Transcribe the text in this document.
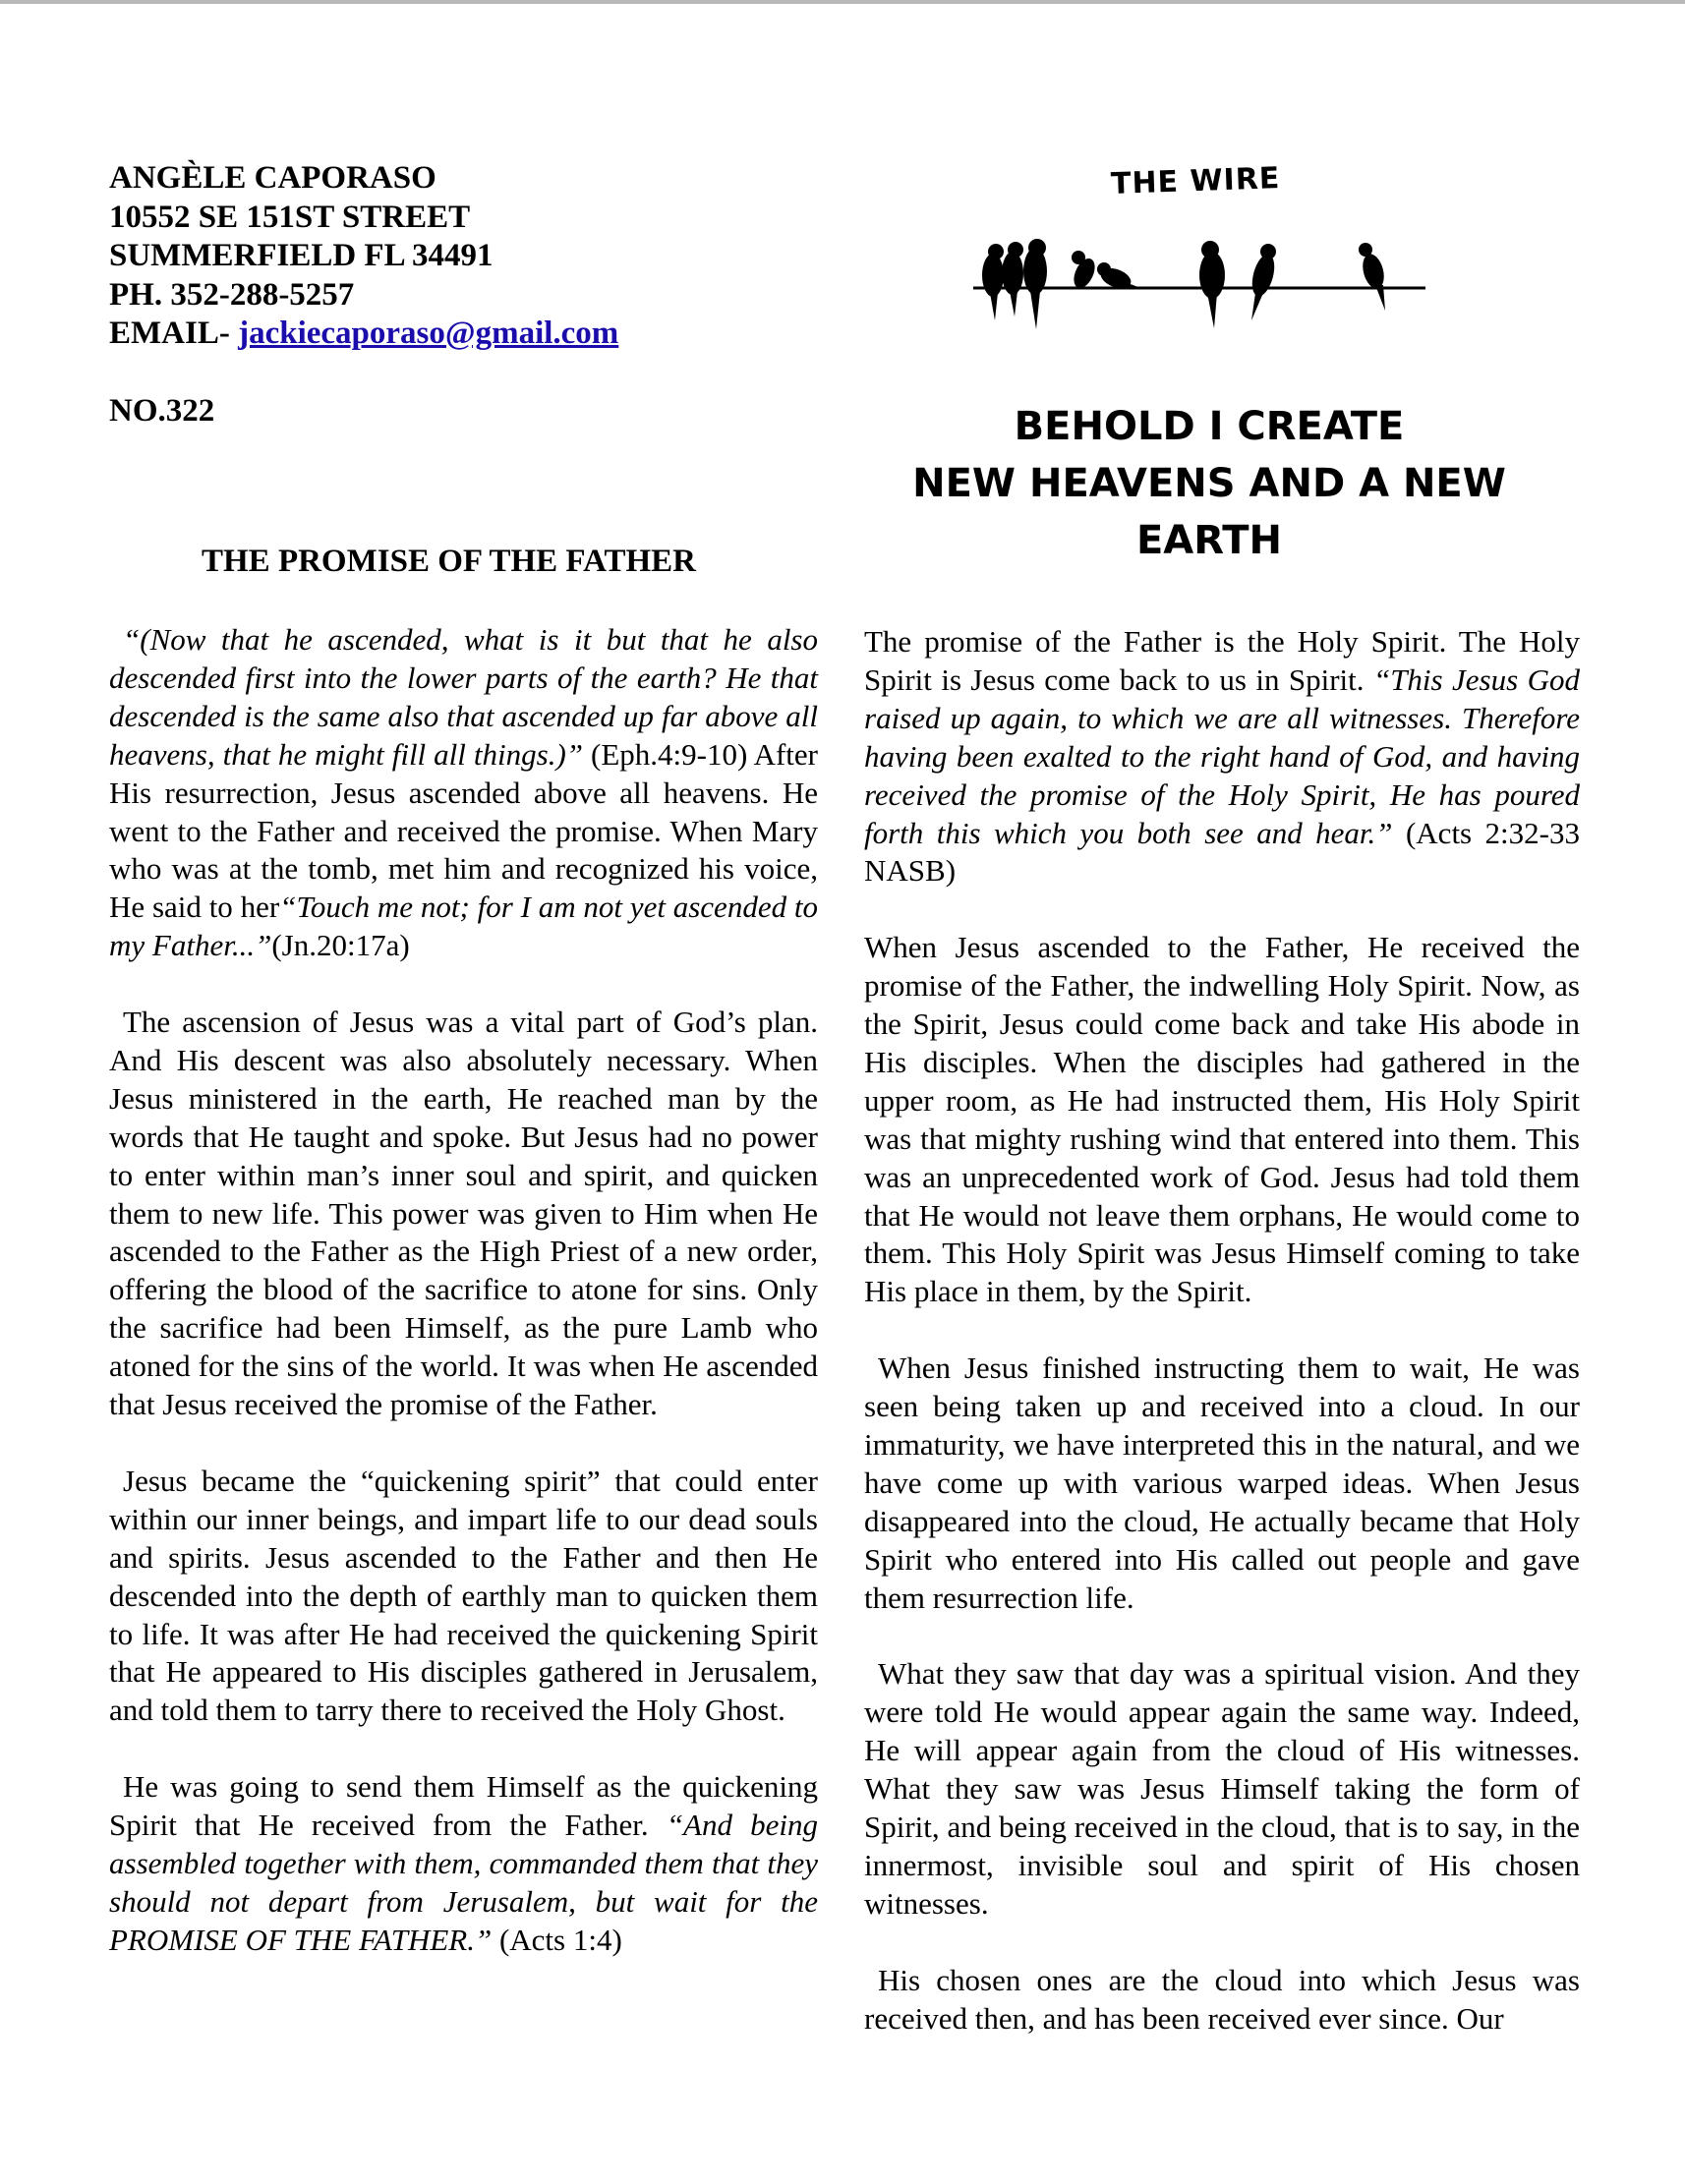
ANGÈLE CAPORASO
10552 SE 151ST STREET
SUMMERFIELD FL 34491
PH. 352-288-5257
EMAIL- jackiecaporaso@gmail.com
NO.322
THE WIRE
BEHOLD I CREATE
NEW HEAVENS AND A NEW EARTH
THE PROMISE OF THE FATHER

“(Now that he ascended, what is it but that he also descended first into the lower parts of the earth? He that descended is the same also that ascended up far above all heavens, that he might fill all things.)” (Eph.4:9-10) After His resurrection, Jesus ascended above all heavens. He went to the Father and received the promise. When Mary who was at the tomb, met him and recognized his voice, He said to her“Touch me not; for I am not yet ascended to my Father...”(Jn.20:17a)

The ascension of Jesus was a vital part of God’s plan. And His descent was also absolutely necessary. When Jesus ministered in the earth, He reached man by the words that He taught and spoke. But Jesus had no power to enter within man’s inner soul and spirit, and quicken them to new life. This power was given to Him when He ascended to the Father as the High Priest of a new order, offering the blood of the sacrifice to atone for sins. Only the sacrifice had been Himself, as the pure Lamb who atoned for the sins of the world. It was when He ascended that Jesus received the promise of the Father.

Jesus became the “quickening spirit” that could enter within our inner beings, and impart life to our dead souls and spirits. Jesus ascended to the Father and then He descended into the depth of earthly man to quicken them to life. It was after He had received the quickening Spirit that He appeared to His disciples gathered in Jerusalem, and told them to tarry there to received the Holy Ghost.

He was going to send them Himself as the quickening Spirit that He received from the Father. “And being assembled together with them, commanded them that they should not depart from Jerusalem, but wait for the PROMISE OF THE FATHER.” (Acts 1:4)

The promise of the Father is the Holy Spirit. The Holy Spirit is Jesus come back to us in Spirit. “This Jesus God raised up again, to which we are all witnesses. Therefore having been exalted to the right hand of God, and having received the promise of the Holy Spirit, He has poured forth this which you both see and hear.” (Acts 2:32-33 NASB)

When Jesus ascended to the Father, He received the promise of the Father, the indwelling Holy Spirit. Now, as the Spirit, Jesus could come back and take His abode in His disciples. When the disciples had gathered in the upper room, as He had instructed them, His Holy Spirit was that mighty rushing wind that entered into them. This was an unprecedented work of God. Jesus had told them that He would not leave them orphans, He would come to them. This Holy Spirit was Jesus Himself coming to take His place in them, by the Spirit.

When Jesus finished instructing them to wait, He was seen being taken up and received into a cloud. In our immaturity, we have interpreted this in the natural, and we have come up with various warped ideas. When Jesus disappeared into the cloud, He actually became that Holy Spirit who entered into His called out people and gave them resurrection life.

What they saw that day was a spiritual vision. And they were told He would appear again the same way. Indeed, He will appear again from the cloud of His witnesses. What they saw was Jesus Himself taking the form of Spirit, and being received in the cloud, that is to say, in the innermost, invisible soul and spirit of His chosen witnesses.

His chosen ones are the cloud into which Jesus was received then, and has been received ever since. Our
